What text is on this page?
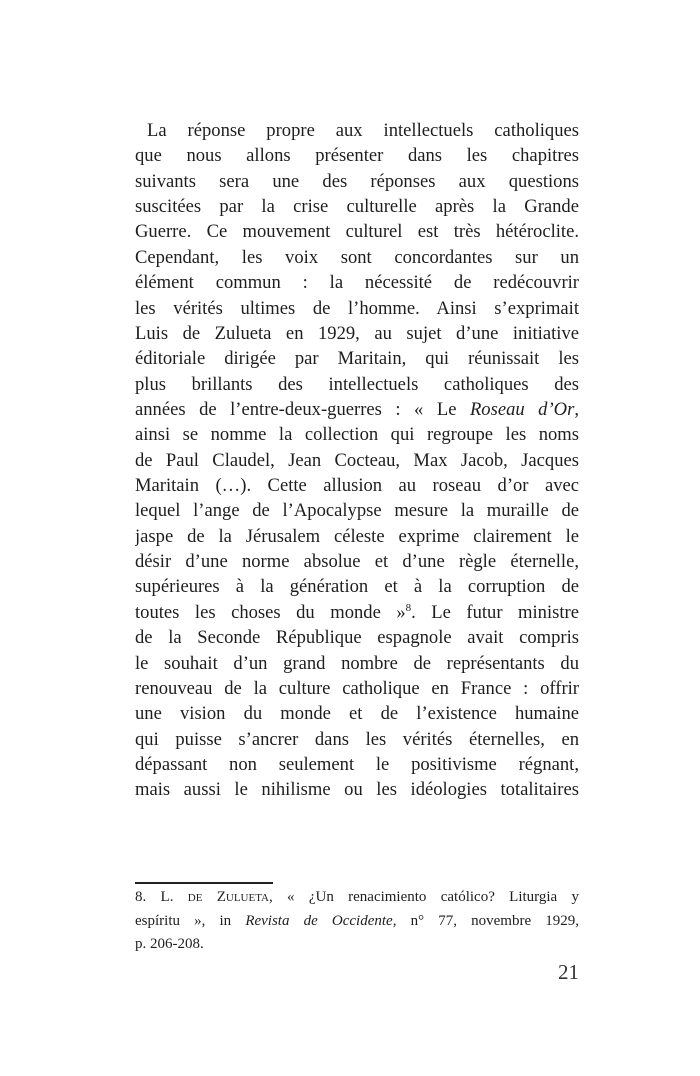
La réponse propre aux intellectuels catholiques
que nous allons présenter dans les chapitres
suivants sera une des réponses aux questions
suscitées par la crise culturelle après la Grande
Guerre. Ce mouvement culturel est très hétéroclite.
Cependant, les voix sont concordantes sur un
élément commun : la nécessité de redécouvrir
les vérités ultimes de l’homme. Ainsi s’exprimait
Luis de Zulueta en 1929, au sujet d’une initiative
éditoriale dirigée par Maritain, qui réunissait les
plus brillants des intellectuels catholiques des
années de l’entre-deux-guerres : « Le Roseau d’Or,
ainsi se nomme la collection qui regroupe les noms
de Paul Claudel, Jean Cocteau, Max Jacob, Jacques
Maritain (…). Cette allusion au roseau d’or avec
lequel l’ange de l’Apocalypse mesure la muraille de
jaspe de la Jérusalem céleste exprime clairement le
désir d’une norme absolue et d’une règle éternelle,
supérieures à la génération et à la corruption de
toutes les choses du monde »$^8$. Le futur ministre
de la Seconde République espagnole avait compris
le souhait d’un grand nombre de représentants du
renouveau de la culture catholique en France : offrir
une vision du monde et de l’existence humaine
qui puisse s’ancrer dans les vérités éternelles, en
dépassant non seulement le positivisme régnant,
mais aussi le nihilisme ou les idéologies totalitaires
8. L. de Zulueta, « ¿Un renacimiento católico? Liturgia y
espíritu », in Revista de Occidente, n° 77, novembre 1929,
p. 206-208.
21
